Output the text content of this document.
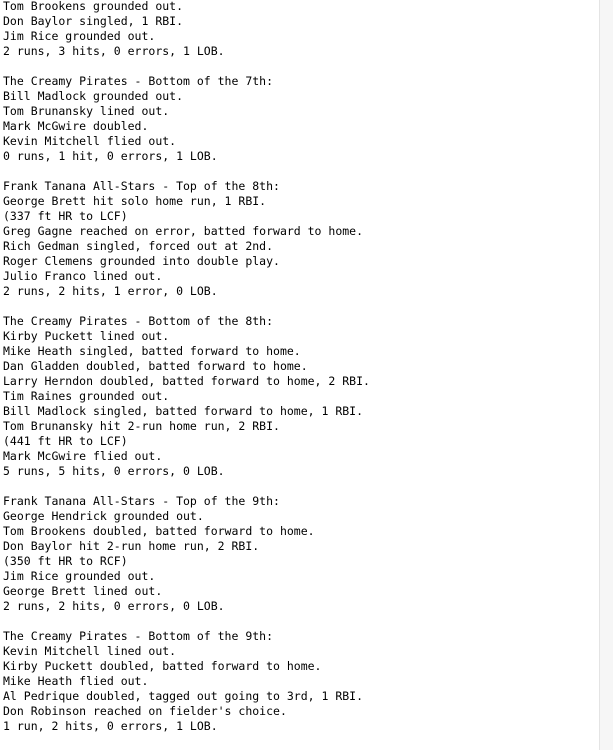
Tom Brookens grounded out.
Don Baylor singled, 1 RBI.
Jim Rice grounded out.
2 runs, 3 hits, 0 errors, 1 LOB.
The Creamy Pirates - Bottom of the 7th:
Bill Madlock grounded out.
Tom Brunansky lined out.
Mark McGwire doubled.
Kevin Mitchell flied out.
0 runs, 1 hit, 0 errors, 1 LOB.
Frank Tanana All-Stars - Top of the 8th:
George Brett hit solo home run, 1 RBI.
(337 ft HR to LCF)
Greg Gagne reached on error, batted forward to home.
Rich Gedman singled, forced out at 2nd.
Roger Clemens grounded into double play.
Julio Franco lined out.
2 runs, 2 hits, 1 error, 0 LOB.
The Creamy Pirates - Bottom of the 8th:
Kirby Puckett lined out.
Mike Heath singled, batted forward to home.
Dan Gladden doubled, batted forward to home.
Larry Herndon doubled, batted forward to home, 2 RBI.
Tim Raines grounded out.
Bill Madlock singled, batted forward to home, 1 RBI.
Tom Brunansky hit 2-run home run, 2 RBI.
(441 ft HR to LCF)
Mark McGwire flied out.
5 runs, 5 hits, 0 errors, 0 LOB.
Frank Tanana All-Stars - Top of the 9th:
George Hendrick grounded out.
Tom Brookens doubled, batted forward to home.
Don Baylor hit 2-run home run, 2 RBI.
(350 ft HR to RCF)
Jim Rice grounded out.
George Brett lined out.
2 runs, 2 hits, 0 errors, 0 LOB.
The Creamy Pirates - Bottom of the 9th:
Kevin Mitchell lined out.
Kirby Puckett doubled, batted forward to home.
Mike Heath flied out.
Al Pedrique doubled, tagged out going to 3rd, 1 RBI.
Don Robinson reached on fielder's choice.
1 run, 2 hits, 0 errors, 1 LOB.
